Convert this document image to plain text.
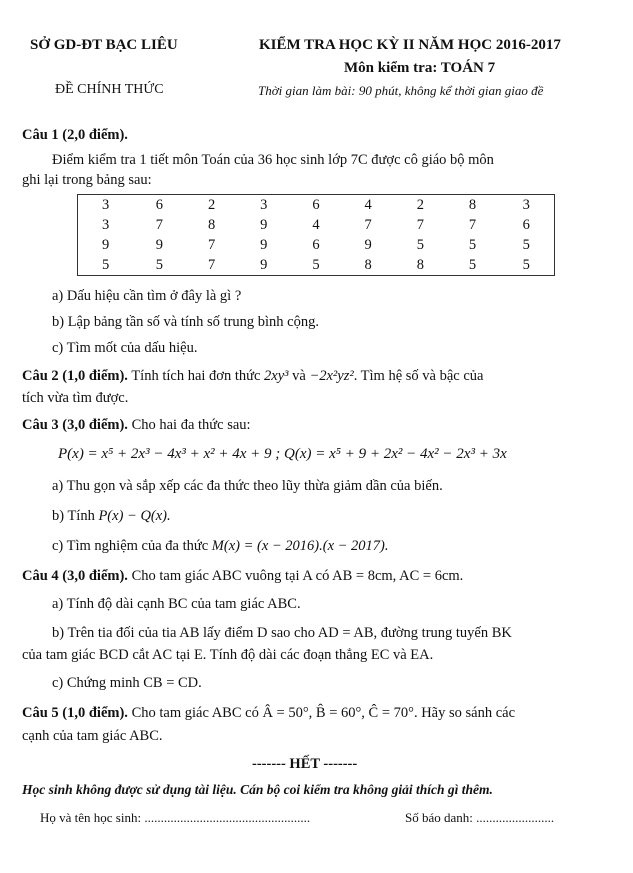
SỞ GD-ĐT BẠC LIÊU
ĐỀ CHÍNH THỨC
KIỂM TRA HỌC KỲ II NĂM HỌC 2016-2017
Môn kiểm tra: TOÁN 7
Thời gian làm bài: 90 phút, không kể thời gian giao đề
Câu 1 (2,0 điểm).
Điểm kiểm tra 1 tiết môn Toán của 36 học sinh lớp 7C được cô giáo bộ môn
ghi lại trong bảng sau:
3	6	2	3	6	4	2	8	3
3	7	8	9	4	7	7	7	6
9	9	7	9	6	9	5	5	5
5	5	7	9	5	8	8	5	5
a) Dấu hiệu cần tìm ở đây là gì ?
b) Lập bảng tần số và tính số trung bình cộng.
c) Tìm mốt của dấu hiệu.
Câu 2 (1,0 điểm). Tính tích hai đơn thức 2xy³ và −2x²yz². Tìm hệ số và bậc của
tích vừa tìm được.
Câu 3 (3,0 điểm). Cho hai đa thức sau:
P(x) = x⁵ + 2x³ − 4x³ + x² + 4x + 9 ; Q(x) = x⁵ + 9 + 2x² − 4x² − 2x³ + 3x
a) Thu gọn và sắp xếp các đa thức theo lũy thừa giảm dần của biến.
b) Tính P(x) − Q(x).
c) Tìm nghiệm của đa thức M(x) = (x − 2016).(x − 2017).
Câu 4 (3,0 điểm). Cho tam giác ABC vuông tại A có AB = 8cm, AC = 6cm.
a) Tính độ dài cạnh BC của tam giác ABC.
b) Trên tia đối của tia AB lấy điểm D sao cho AD = AB, đường trung tuyến BK
của tam giác BCD cắt AC tại E. Tính độ dài các đoạn thẳng EC và EA.
c) Chứng minh CB = CD.
Câu 5 (1,0 điểm). Cho tam giác ABC có Â = 50°, B̂ = 60°, Ĉ = 70°. Hãy so sánh các
cạnh của tam giác ABC.
------- HẾT -------
Học sinh không được sử dụng tài liệu. Cán bộ coi kiểm tra không giải thích gì thêm.
Họ và tên học sinh: ...................................................	Số báo danh: ........................
